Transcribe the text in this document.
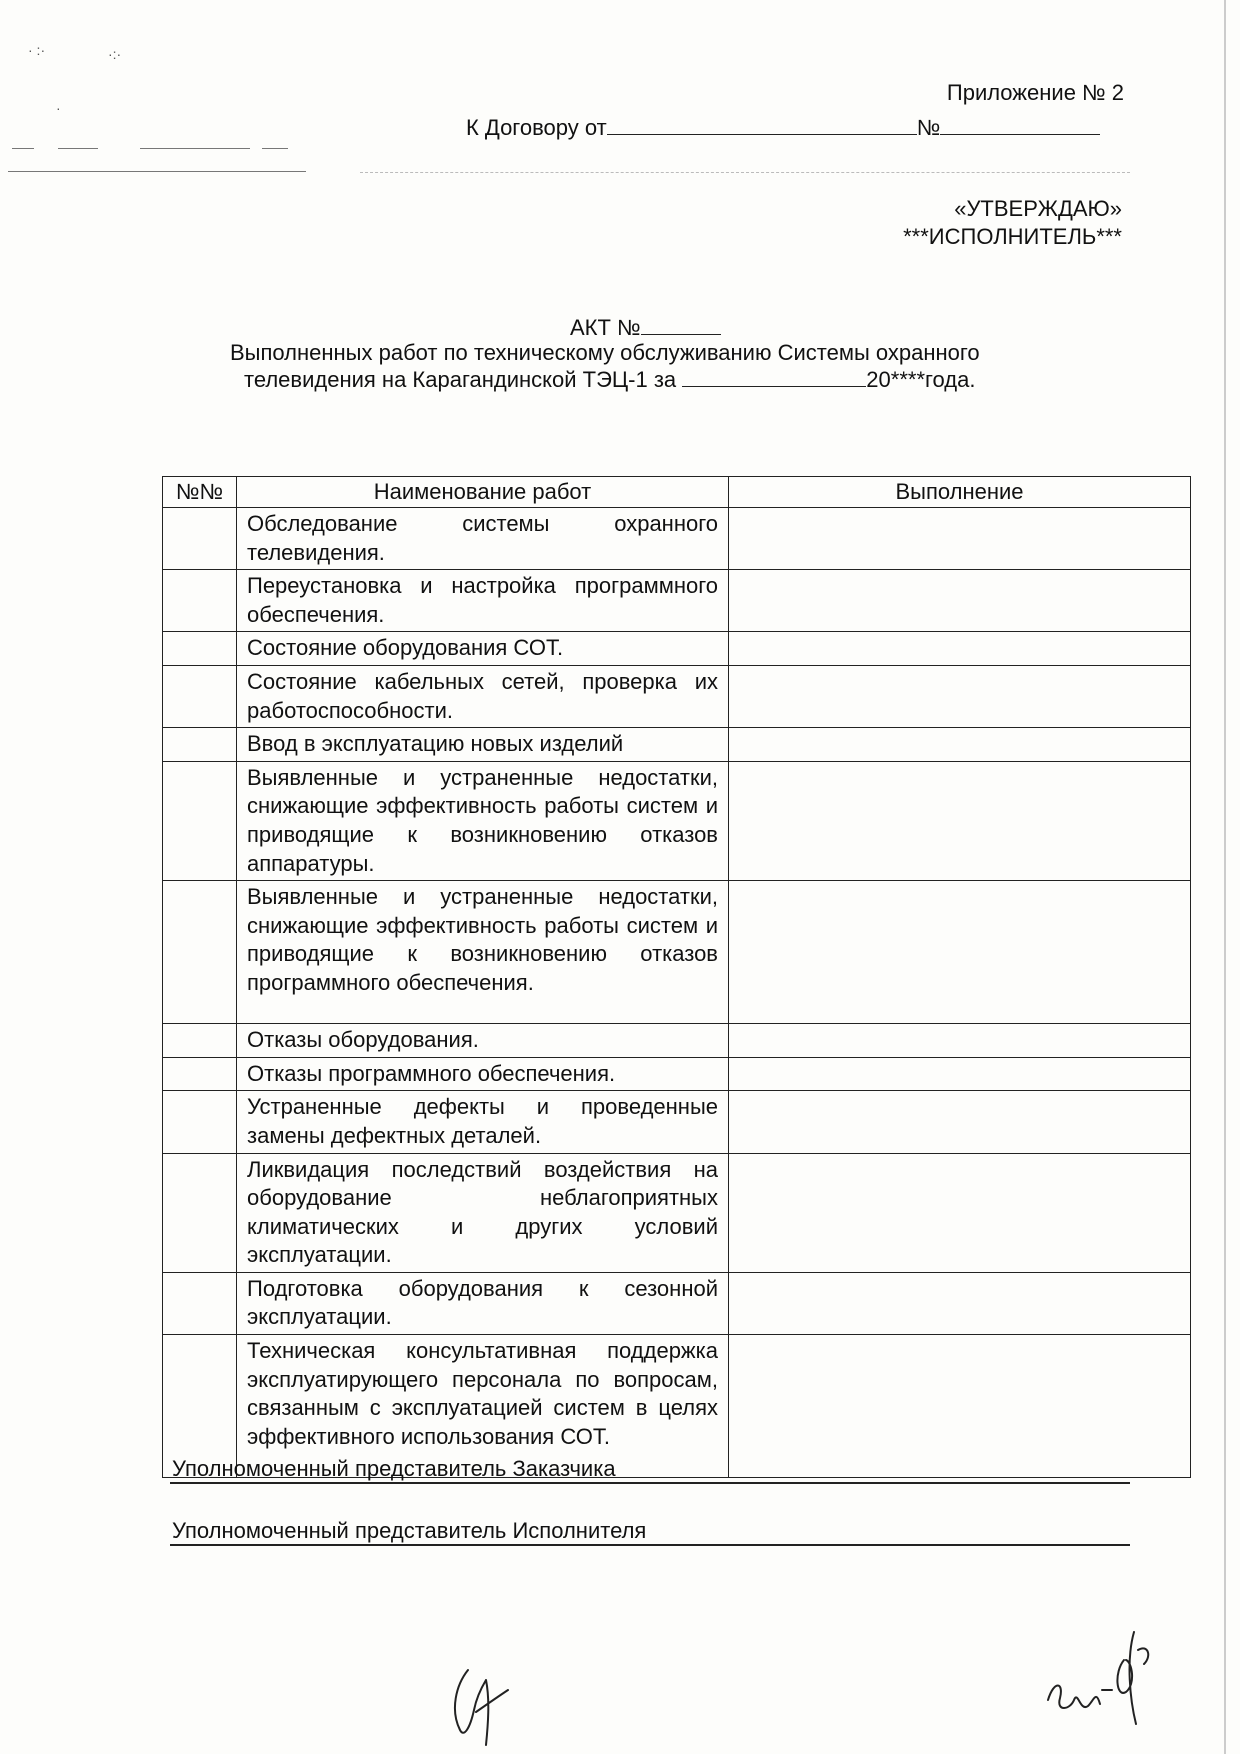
· :·	·:·
·
Приложение № 2
К Договору от	№
«УТВЕРЖДАЮ»
***ИСПОЛНИТЕЛЬ***
АКТ №
Выполненных работ по техническому обслуживанию Системы охранного
телевидения на Карагандинской ТЭЦ-1 за	20****года.
№№	Наименование работ	Выполнение
	Обследование системы охранного телевидения.	
	Переустановка и настройка программного обеспечения.	
	Состояние оборудования СОТ.	
	Состояние кабельных сетей, проверка их работоспособности.	
	Ввод в эксплуатацию новых изделий	
	Выявленные и устраненные недостатки, снижающие эффективность работы систем и приводящие к возникновению отказов аппаратуры.	
	Выявленные и устраненные недостатки, снижающие эффективность работы систем и приводящие к возникновению отказов программного обеспечения.	
	Отказы оборудования.	
	Отказы программного обеспечения.	
	Устраненные дефекты и проведенные замены дефектных деталей.	
	Ликвидация последствий воздействия на оборудование неблагоприятных климатических и других условий эксплуатации.	
	Подготовка оборудования к сезонной эксплуатации.	
	Техническая консультативная поддержка эксплуатирующего персонала по вопросам, связанным с эксплуатацией систем в целях эффективного использования СОТ.	
Уполномоченный представитель Заказчика
Уполномоченный представитель Исполнителя
